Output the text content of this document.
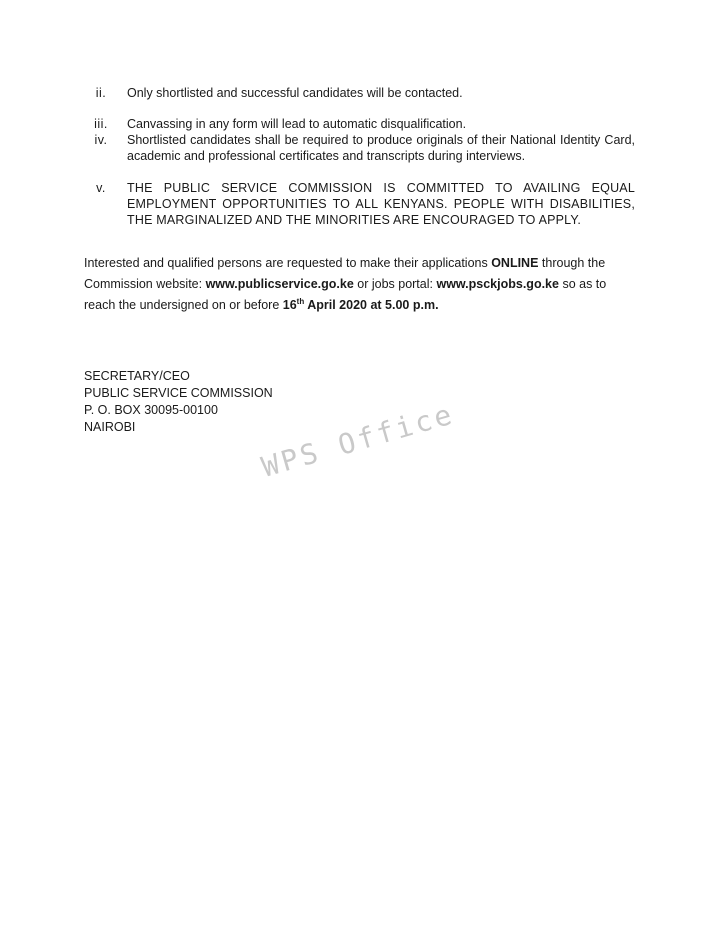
ii.	Only shortlisted and successful candidates will be contacted.
iii.	Canvassing in any form will lead to automatic disqualification.
iv.	Shortlisted candidates shall be required to produce originals of their National Identity Card, academic and professional certificates and transcripts during interviews.
v.	THE PUBLIC SERVICE COMMISSION IS COMMITTED TO AVAILING EQUAL EMPLOYMENT OPPORTUNITIES TO ALL KENYANS. PEOPLE WITH DISABILITIES, THE MARGINALIZED AND THE MINORITIES ARE ENCOURAGED TO APPLY.

Interested and qualified persons are requested to make their applications ONLINE through the Commission website: www.publicservice.go.ke or jobs portal: www.psckjobs.go.ke so as to reach the undersigned on or before 16th April 2020 at 5.00 p.m.

SECRETARY/CEO
PUBLIC SERVICE COMMISSION
P. O. BOX 30095-00100
NAIROBI	WPS Office
